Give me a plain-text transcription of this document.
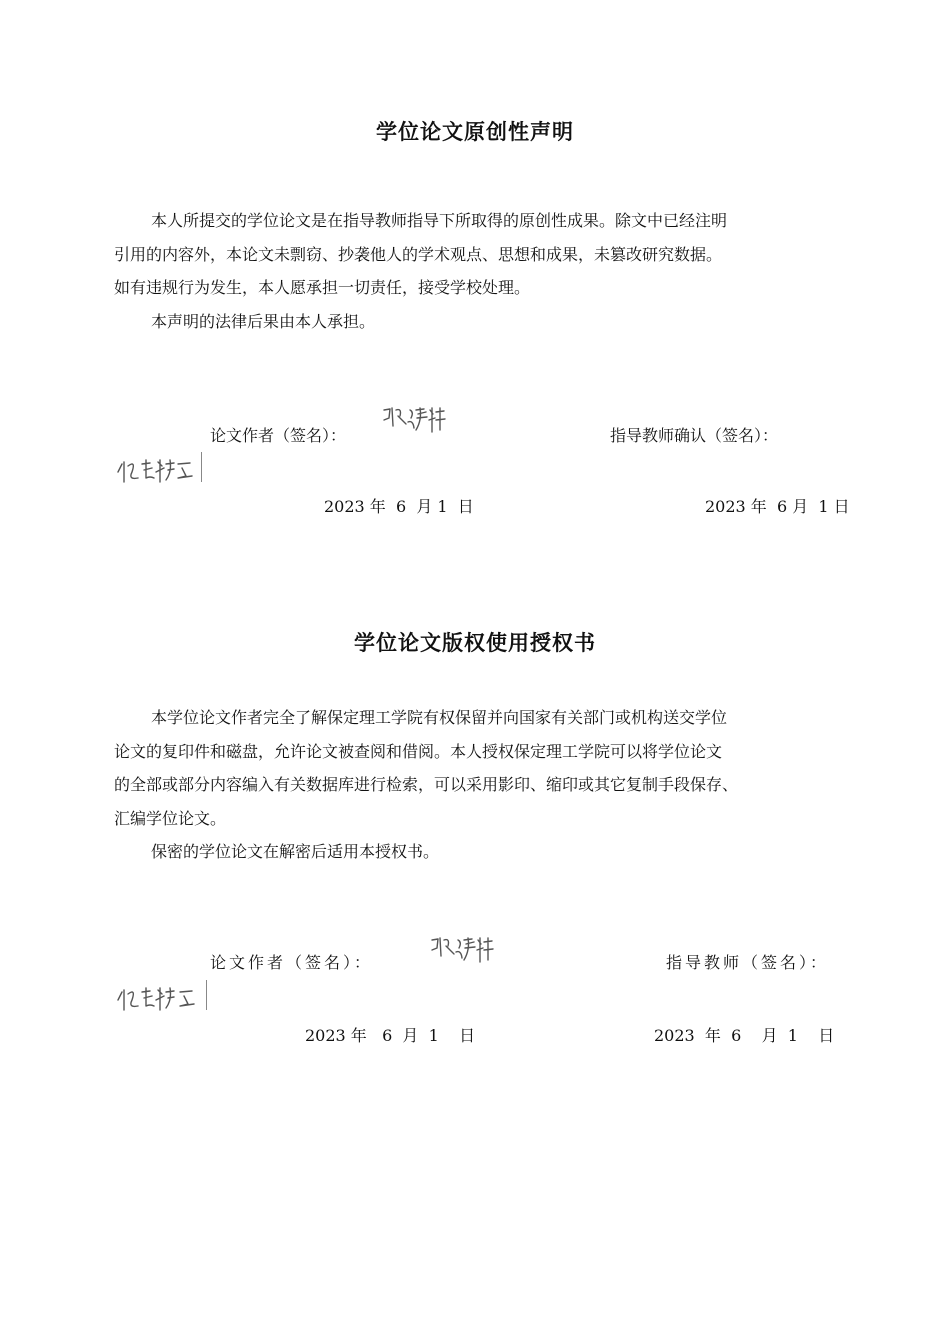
学位论文原创性声明

本人所提交的学位论文是在指导教师指导下所取得的原创性成果。除文中已经注明

引用的内容外，本论文未剽窃、抄袭他人的学术观点、思想和成果，未篡改研究数据。

如有违规行为发生，本人愿承担一切责任，接受学校处理。

本声明的法律后果由本人承担。

论文作者（签名）：	指导教师确认（签名）：
2023 年  6  月 1  日	2023 年  6 月  1 日
学位论文版权使用授权书

本学位论文作者完全了解保定理工学院有权保留并向国家有关部门或机构送交学位

论文的复印件和磁盘，允许论文被查阅和借阅。本人授权保定理工学院可以将学位论文

的全部或部分内容编入有关数据库进行检索，可以采用影印、缩印或其它复制手段保存、

汇编学位论文。

保密的学位论文在解密后适用本授权书。

论文作者（签名）：	指导教师（签名）：
2023 年   6  月  1    日	2023  年  6    月  1    日
